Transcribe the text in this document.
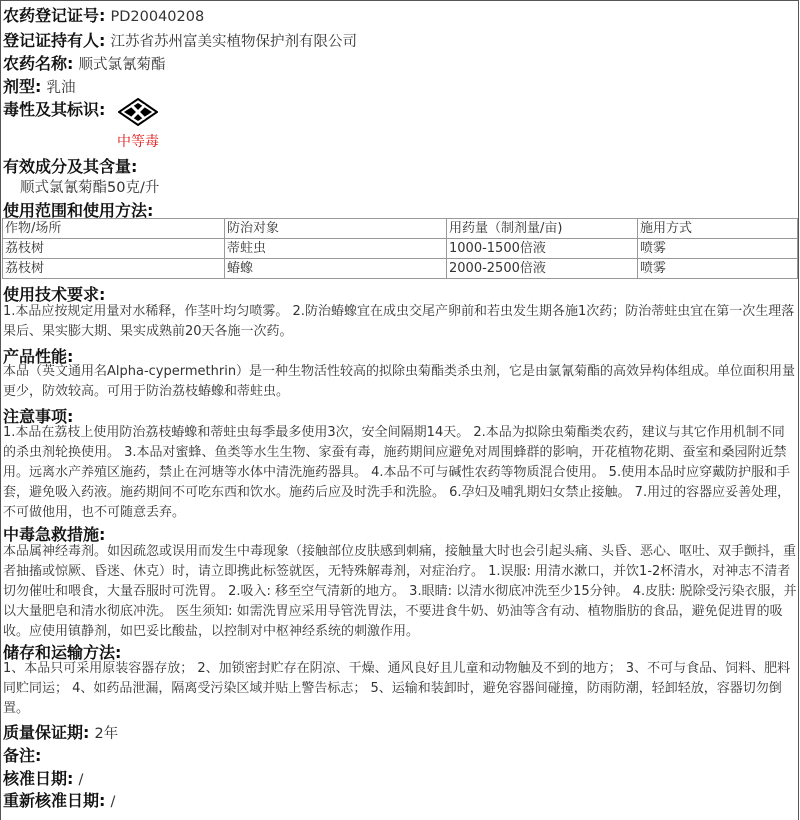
农药登记证号: PD20040208
登记证持有人: 江苏省苏州富美实植物保护剂有限公司
农药名称: 顺式氯氰菊酯
剂型: 乳油
毒性及其标识:
中等毒
有效成分及其含量:
顺式氯氰菊酯50克/升
使用范围和使用方法:
作物/场所	防治对象	用药量（制剂量/亩)	施用方式
荔枝树	蒂蛀虫	1000-1500倍液	喷雾
荔枝树	蝽蟓	2000-2500倍液	喷雾
使用技术要求:
1.本品应按规定用量对水稀释，作茎叶均匀喷雾。 2.防治蝽蟓宜在成虫交尾产卵前和若虫发生期各施1次药；防治蒂蛀虫宜在第一次生理落果后、果实膨大期、果实成熟前20天各施一次药。
产品性能:
本品（英文通用名Alpha-cypermethrin）是一种生物活性较高的拟除虫菊酯类杀虫剂，它是由氯氰菊酯的高效异构体组成。单位面积用量更少，防效较高。可用于防治荔枝蝽蟓和蒂蛀虫。
注意事项:
1.本品在荔枝上使用防治荔枝蝽蟓和蒂蛀虫每季最多使用3次，安全间隔期14天。 2.本品为拟除虫菊酯类农药，建议与其它作用机制不同的杀虫剂轮换使用。 3.本品对蜜蜂、鱼类等水生生物、家蚕有毒，施药期间应避免对周围蜂群的影响，开花植物花期、蚕室和桑园附近禁用。远离水产养殖区施药，禁止在河塘等水体中清洗施药器具。 4.本品不可与碱性农药等物质混合使用。 5.使用本品时应穿戴防护服和手套，避免吸入药液。施药期间不可吃东西和饮水。施药后应及时洗手和洗脸。 6.孕妇及哺乳期妇女禁止接触。 7.用过的容器应妥善处理，不可做他用，也不可随意丢弃。
中毒急救措施:
本品属神经毒剂。如因疏忽或误用而发生中毒现象（接触部位皮肤感到刺痛，接触量大时也会引起头痛、头昏、恶心、呕吐、双手颤抖，重者抽搐或惊厥、昏迷、休克）时，请立即携此标签就医，无特殊解毒剂，对症治疗。 1.误服: 用清水漱口，并饮1-2杯清水，对神志不清者切勿催吐和喂食，大量吞服时可洗胃。 2.吸入: 移至空气清新的地方。 3.眼睛: 以清水彻底冲洗至少15分钟。 4.皮肤: 脱除受污染衣服，并以大量肥皂和清水彻底冲洗。 医生须知: 如需洗胃应采用导管洗胃法，不要进食牛奶、奶油等含有动、植物脂肪的食品，避免促进胃的吸收。应使用镇静剂，如巴妥比酸盐，以控制对中枢神经系统的刺激作用。
储存和运输方法:
1、本品只可采用原装容器存放； 2、加锁密封贮存在阴凉、干燥、通风良好且儿童和动物触及不到的地方； 3、不可与食品、饲料、肥料同贮同运； 4、如药品泄漏，隔离受污染区域并贴上警告标志； 5、运输和装卸时，避免容器间碰撞，防雨防潮，轻卸轻放，容器切勿倒置。
质量保证期: 2年
备注:
核准日期: /
重新核准日期: /
